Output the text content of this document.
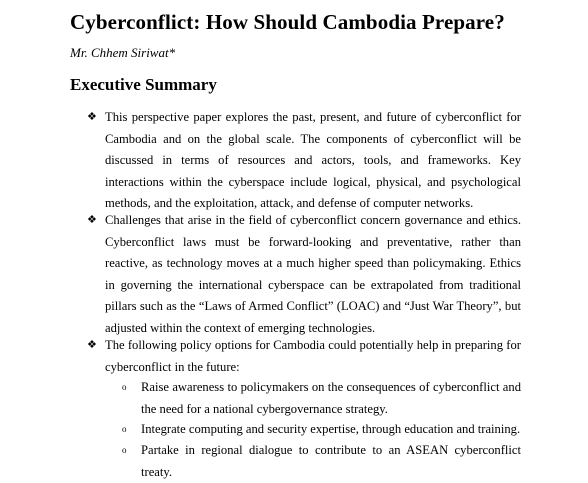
Cyberconflict: How Should Cambodia Prepare?
Mr. Chhem Siriwat*
Executive Summary
❖ This perspective paper explores the past, present, and future of cyberconflict for Cambodia and on the global scale. The components of cyberconflict will be discussed in terms of resources and actors, tools, and frameworks. Key interactions within the cyberspace include logical, physical, and psychological methods, and the exploitation, attack, and defense of computer networks.
❖ Challenges that arise in the field of cyberconflict concern governance and ethics. Cyberconflict laws must be forward-looking and preventative, rather than reactive, as technology moves at a much higher speed than policymaking. Ethics in governing the international cyberspace can be extrapolated from traditional pillars such as the “Laws of Armed Conflict” (LOAC) and “Just War Theory”, but adjusted within the context of emerging technologies.
❖ The following policy options for Cambodia could potentially help in preparing for cyberconflict in the future:
o Raise awareness to policymakers on the consequences of cyberconflict and the need for a national cybergovernance strategy.
o Integrate computing and security expertise, through education and training.
o Partake in regional dialogue to contribute to an ASEAN cyberconflict treaty.
